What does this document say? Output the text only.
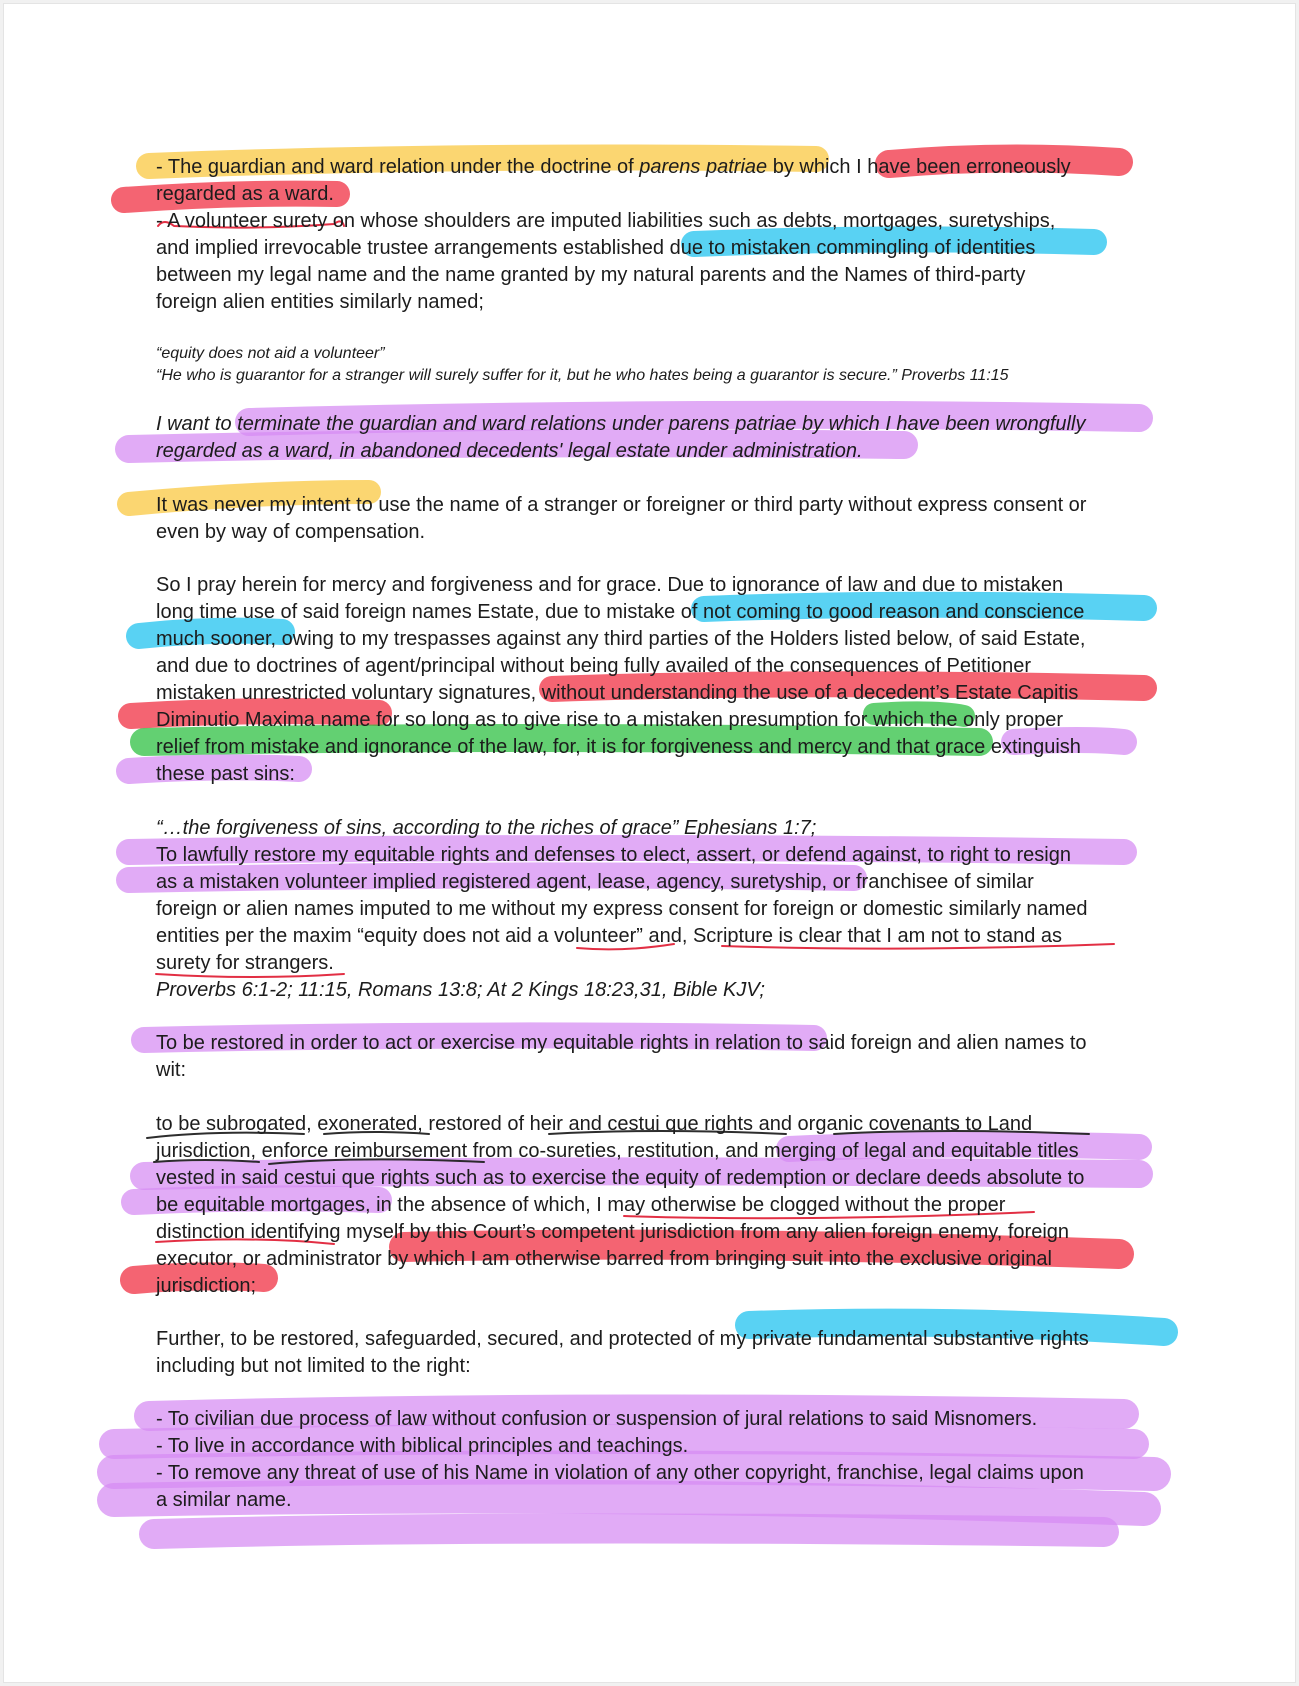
- The guardian and ward relation under the doctrine of parens patriae by which I have been erroneously
regarded as a ward.
- A volunteer surety on whose shoulders are imputed liabilities such as debts, mortgages, suretyships,
and implied irrevocable trustee arrangements established due to mistaken commingling of identities
between my legal name and the name granted by my natural parents and the Names of third-party
foreign alien entities similarly named;
“equity does not aid a volunteer”
“He who is guarantor for a stranger will surely suffer for it, but he who hates being a guarantor is secure.” Proverbs 11:15
I want to terminate the guardian and ward relations under parens patriae by which I have been wrongfully
regarded as a ward, in abandoned decedents' legal estate under administration.
It was never my intent to use the name of a stranger or foreigner or third party without express consent or
even by way of compensation.
So I pray herein for mercy and forgiveness and for grace. Due to ignorance of law and due to mistaken
long time use of said foreign names Estate, due to mistake of not coming to good reason and conscience
much sooner, owing to my trespasses against any third parties of the Holders listed below, of said Estate,
and due to doctrines of agent/principal without being fully availed of the consequences of Petitioner
mistaken unrestricted voluntary signatures, without understanding the use of a decedent’s Estate Capitis
Diminutio Maxima name for so long as to give rise to a mistaken presumption for which the only proper
relief from mistake and ignorance of the law, for, it is for forgiveness and mercy and that grace extinguish
these past sins:
“…the forgiveness of sins, according to the riches of grace” Ephesians 1:7;
To lawfully restore my equitable rights and defenses to elect, assert, or defend against, to right to resign
as a mistaken volunteer implied registered agent, lease, agency, suretyship, or franchisee of similar
foreign or alien names imputed to me without my express consent for foreign or domestic similarly named
entities per the maxim “equity does not aid a volunteer” and, Scripture is clear that I am not to stand as
surety for strangers.
Proverbs 6:1-2; 11:15, Romans 13:8; At 2 Kings 18:23,31, Bible KJV;
To be restored in order to act or exercise my equitable rights in relation to said foreign and alien names to
wit:
to be subrogated, exonerated, restored of heir and cestui que rights and organic covenants to Land
jurisdiction, enforce reimbursement from co-sureties, restitution, and merging of legal and equitable titles
vested in said cestui que rights such as to exercise the equity of redemption or declare deeds absolute to
be equitable mortgages, in the absence of which, I may otherwise be clogged without the proper
distinction identifying myself by this Court’s competent jurisdiction from any alien foreign enemy, foreign
executor, or administrator by which I am otherwise barred from bringing suit into the exclusive original
jurisdiction;
Further, to be restored, safeguarded, secured, and protected of my private fundamental substantive rights
including but not limited to the right:
- To civilian due process of law without confusion or suspension of jural relations to said Misnomers.
- To live in accordance with biblical principles and teachings.
- To remove any threat of use of his Name in violation of any other copyright, franchise, legal claims upon
a similar name.
